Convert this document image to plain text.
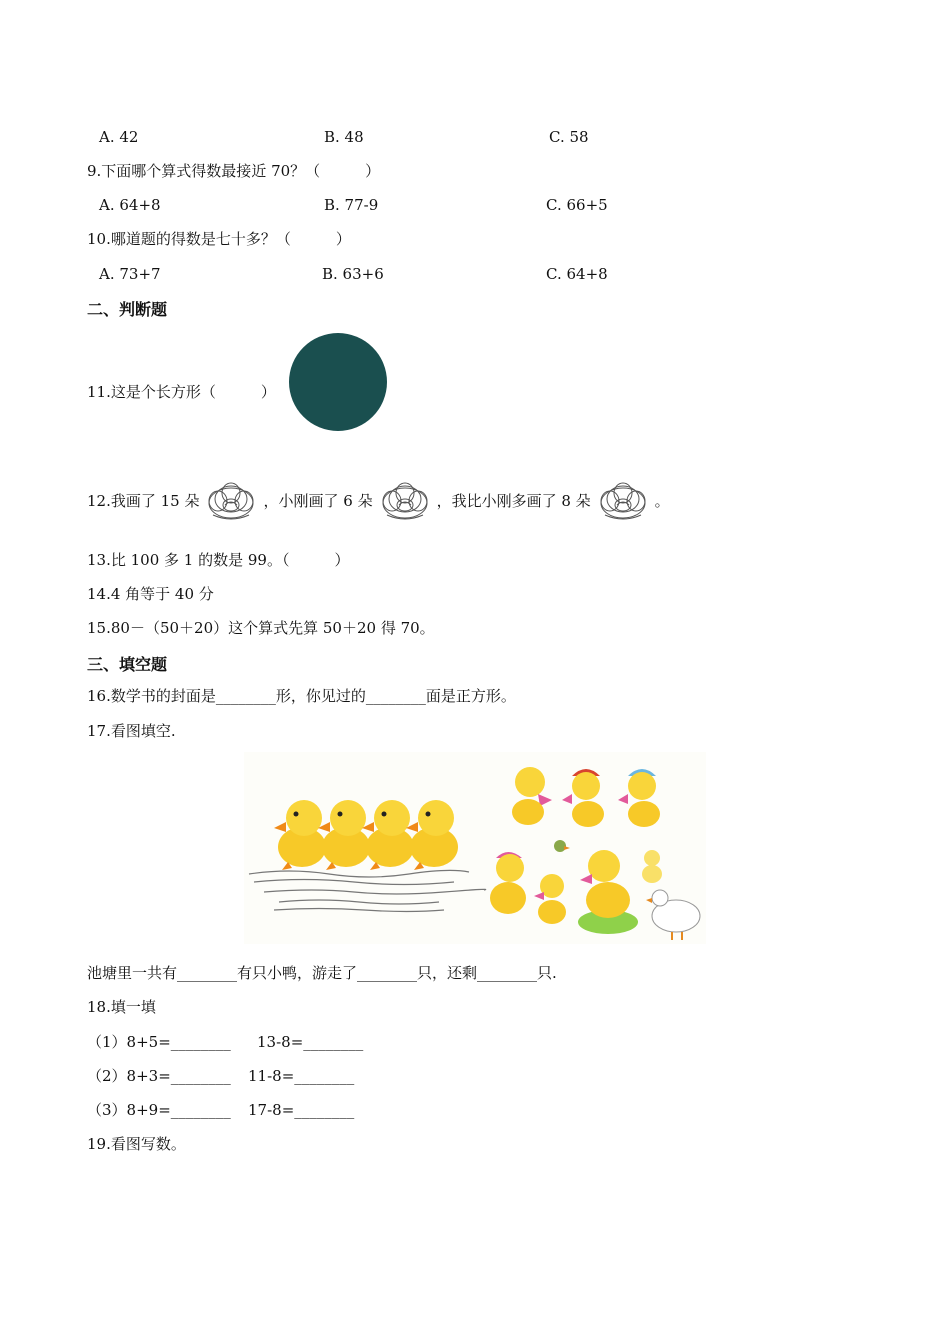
A. 42	B. 48	C. 58
9.下面哪个算式得数最接近 70？（　　　）
A. 64+8	B. 77-9	C. 66+5
10.哪道题的得数是七十多？（　　　）
A. 73+7	B. 63+6	C. 64+8
二、判断题
11.这是个长方形（　　　）
12.我画了 15 朵	，小刚画了 6 朵	，我比小刚多画了 8 朵	。
13.比 100 多 1 的数是 99。（　　　）
14.4 角等于 40 分
15.80－（50＋20）这个算式先算 50＋20 得 70。
三、填空题
16.数学书的封面是________形，你见过的________面是正方形。
17.看图填空.
池塘里一共有________有只小鸭，游走了________只，还剩________只.
18.填一填
（1）8+5=________ 13-8=________
（2）8+3=________ 11-8=________
（3）8+9=________ 17-8=________
19.看图写数。
